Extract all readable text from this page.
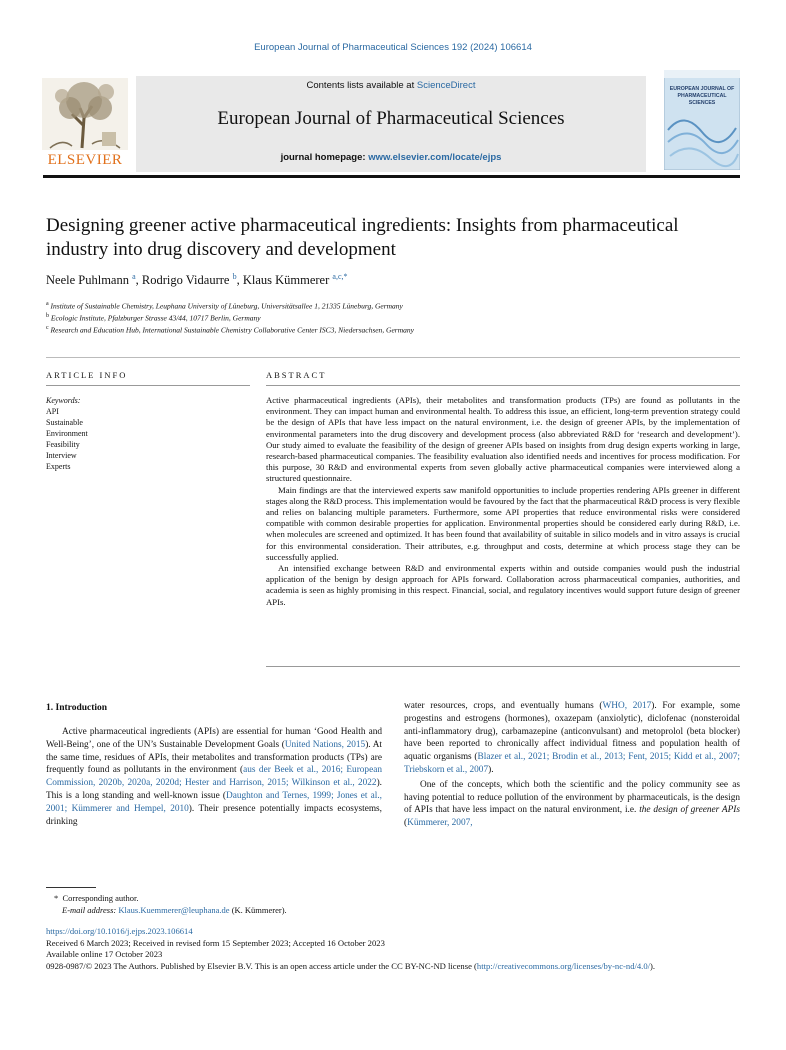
European Journal of Pharmaceutical Sciences 192 (2024) 106614
Contents lists available at ScienceDirect
European Journal of Pharmaceutical Sciences
journal homepage: www.elsevier.com/locate/ejps
ELSEVIER
EUROPEAN JOURNAL OF
PHARMACEUTICAL
SCIENCES
Designing greener active pharmaceutical ingredients: Insights from pharmaceutical industry into drug discovery and development
Neele Puhlmann $^a$, Rodrigo Vidaurre $^b$, Klaus Kümmerer $^{a,c,*}$
$^a$ Institute of Sustainable Chemistry, Leuphana University of Lüneburg, Universitätsallee 1, 21335 Lüneburg, Germany
$^b$ Ecologic Institute, Pfalzburger Strasse 43/44, 10717 Berlin, Germany
$^c$ Research and Education Hub, International Sustainable Chemistry Collaborative Center ISC3, Niedersachsen, Germany
ARTICLE INFO	ABSTRACT
Keywords:
API
Sustainable
Environment
Feasibility
Interview
Experts

Active pharmaceutical ingredients (APIs), their metabolites and transformation products (TPs) are found as pollutants in the environment. They can impact human and environmental health. To address this issue, an efficient, long-term prevention strategy could be the design of APIs that have less impact on the natural environment, i.e. the design of greener APIs, by the implementation of environmental parameters into the drug discovery and development process (also abbreviated R&D for ‘research and development’). Our study aimed to evaluate the feasibility of the design of greener APIs based on insights from drug design experts working in large, research-based pharmaceutical companies. The feasibility evaluation also identified needs and incentives for process modification. For this purpose, 30 R&D and environmental experts from seven globally active pharmaceutical companies were interviewed along a structured questionnaire.

Main findings are that the interviewed experts saw manifold opportunities to include properties rendering APIs greener in different stages along the R&D process. This implementation would be favoured by the fact that the pharmaceutical R&D process is very flexible and relies on balancing multiple parameters. Furthermore, some API properties that reduce environmental risks were considered compatible with common desirable properties for application. Environmental properties should be considered early during R&D, i.e. when molecules are screened and optimized. It has been found that availability of suitable in silico models and in vitro assays is crucial for this environmental consideration. Their attributes, e.g. throughput and costs, determine at which process stage they can be successfully applied.

An intensified exchange between R&D and environmental experts within and outside companies would push the industrial application of the benign by design approach for APIs forward. Collaboration across pharmaceutical companies, authorities, and academia is seen as highly promising in this respect. Financial, social, and regulatory incentives would support future design of greener APIs.

1. Introduction

Active pharmaceutical ingredients (APIs) are essential for human ‘Good Health and Well-Being’, one of the UN’s Sustainable Development Goals (United Nations, 2015). At the same time, residues of APIs, their metabolites and transformation products (TPs) are frequently found as pollutants in the environment (aus der Beek et al., 2016; European Commission, 2020b, 2020a, 2020d; Hester and Harrison, 2015; Wilkinson et al., 2022). This is a long standing and well-known issue (Daughton and Ternes, 1999; Jones et al., 2001; Kümmerer and Hempel, 2010). Their presence potentially impacts ecosystems, drinking

water resources, crops, and eventually humans (WHO, 2017). For example, some progestins and estrogens (hormones), oxazepam (anxiolytic), diclofenac (nonsteroidal anti-inflammatory drug), carbamazepine (anticonvulsant) and metoprolol (beta blocker) have been reported to chronically affect individual fitness and population health of aquatic organisms (Blazer et al., 2021; Brodin et al., 2013; Fent, 2015; Kidd et al., 2007; Triebskorn et al., 2007).

One of the concepts, which both the scientific and the policy community see as having potential to reduce pollution of the environment by pharmaceuticals, is the design of APIs that have less impact on the natural environment, i.e. the design of greener APIs (Kümmerer, 2007,

* Corresponding author.
E-mail address: Klaus.Kuemmerer@leuphana.de (K. Kümmerer).
https://doi.org/10.1016/j.ejps.2023.106614
Received 6 March 2023; Received in revised form 15 September 2023; Accepted 16 October 2023
Available online 17 October 2023
0928-0987/© 2023 The Authors. Published by Elsevier B.V. This is an open access article under the CC BY-NC-ND license (http://creativecommons.org/licenses/by-nc-nd/4.0/).
